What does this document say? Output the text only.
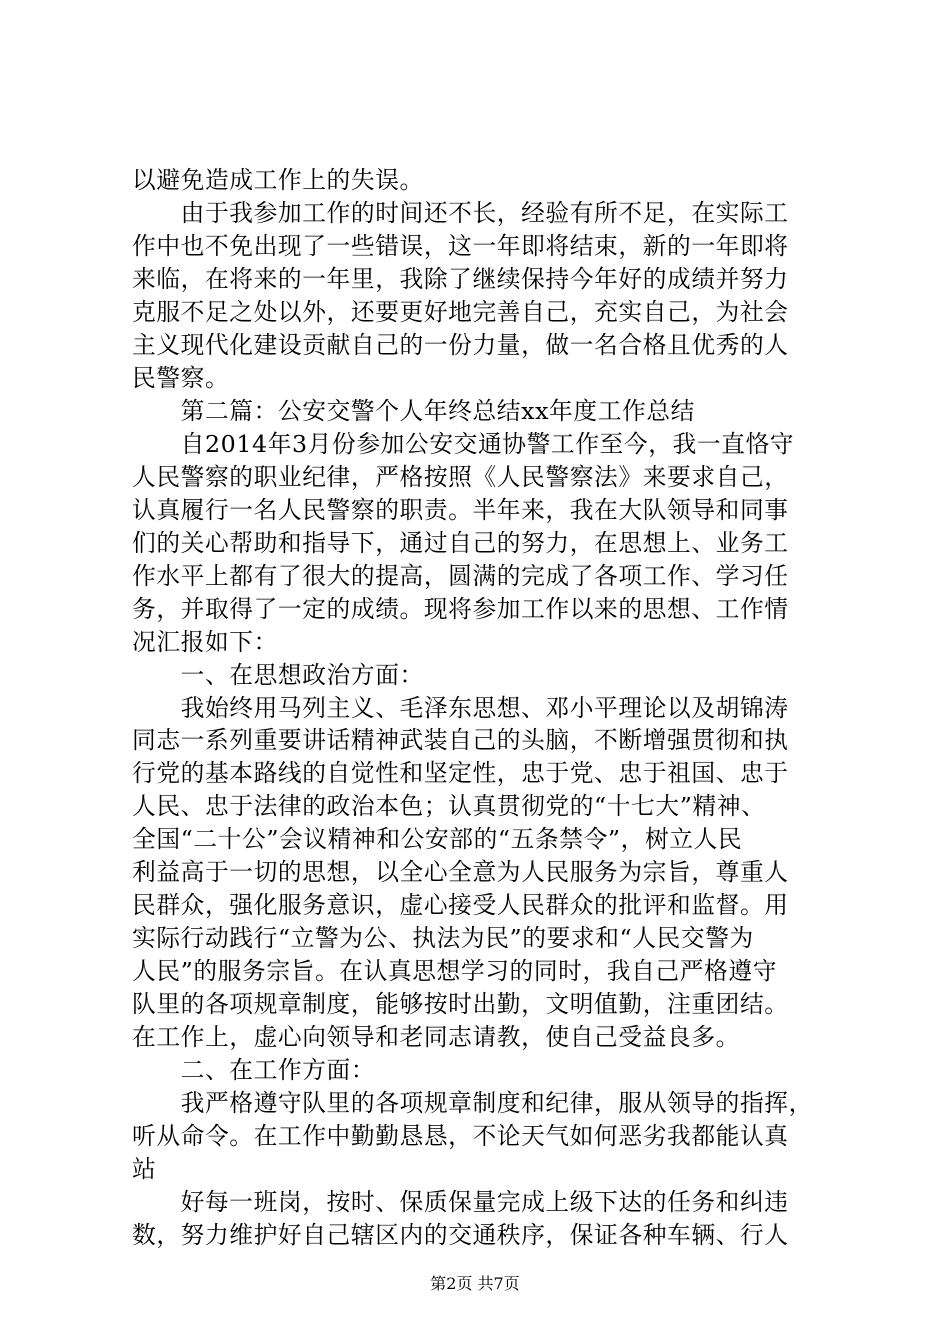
以避免造成工作上的失误。
　　由于我参加工作的时间还不长，经验有所不足，在实际工
作中也不免出现了一些错误，这一年即将结束，新的一年即将
来临，在将来的一年里，我除了继续保持今年好的成绩并努力
克服不足之处以外，还要更好地完善自己，充实自己，为社会
主义现代化建设贡献自己的一份力量，做一名合格且优秀的人
民警察。
　　第二篇：公安交警个人年终总结xx年度工作总结
　　自2014年3月份参加公安交通协警工作至今，我一直恪守
人民警察的职业纪律，严格按照《人民警察法》来要求自己，
认真履行一名人民警察的职责。半年来，我在大队领导和同事
们的关心帮助和指导下，通过自己的努力，在思想上、业务工
作水平上都有了很大的提高，圆满的完成了各项工作、学习任
务，并取得了一定的成绩。现将参加工作以来的思想、工作情
况汇报如下：
　　一、在思想政治方面：
　　我始终用马列主义、毛泽东思想、邓小平理论以及胡锦涛
同志一系列重要讲话精神武装自己的头脑，不断增强贯彻和执
行党的基本路线的自觉性和坚定性，忠于党、忠于祖国、忠于
人民、忠于法律的政治本色；认真贯彻党的“十七大”精神、
全国“二十公”会议精神和公安部的“五条禁令”，树立人民
利益高于一切的思想，以全心全意为人民服务为宗旨，尊重人
民群众，强化服务意识，虚心接受人民群众的批评和监督。用
实际行动践行“立警为公、执法为民”的要求和“人民交警为
人民”的服务宗旨。在认真思想学习的同时，我自己严格遵守
队里的各项规章制度，能够按时出勤，文明值勤，注重团结。
在工作上，虚心向领导和老同志请教，使自己受益良多。
　　二、在工作方面：
　　我严格遵守队里的各项规章制度和纪律，服从领导的指挥，
听从命令。在工作中勤勤恳恳，不论天气如何恶劣我都能认真
站
　　好每一班岗，按时、保质保量完成上级下达的任务和纠违
数，努力维护好自己辖区内的交通秩序，保证各种车辆、行人
第2页 共7页
